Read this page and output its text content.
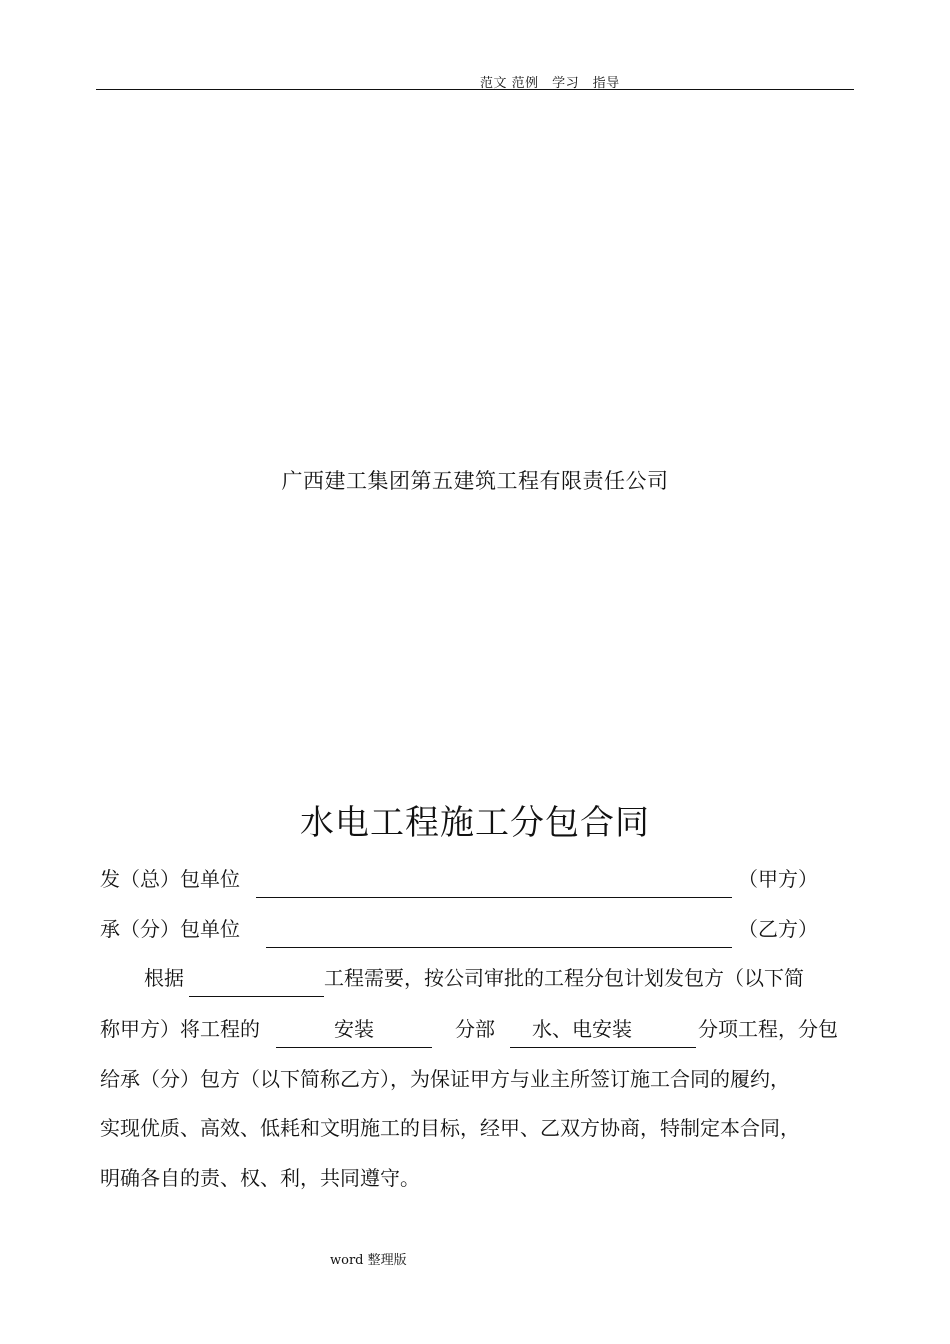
范文 范例　学习　指导
广西建工集团第五建筑工程有限责任公司
水电工程施工分包合同
发（总）包单位	（甲方）
承（分）包单位	（乙方）
根据	工程需要，按公司审批的工程分包计划发包方（以下简
称甲方）将工程的	安装	分部	水、电安装	分项工程，分包
给承（分）包方（以下简称乙方），为保证甲方与业主所签订施工合同的履约，
实现优质、高效、低耗和文明施工的目标，经甲、乙双方协商，特制定本合同，
明确各自的责、权、利，共同遵守。
word 整理版
